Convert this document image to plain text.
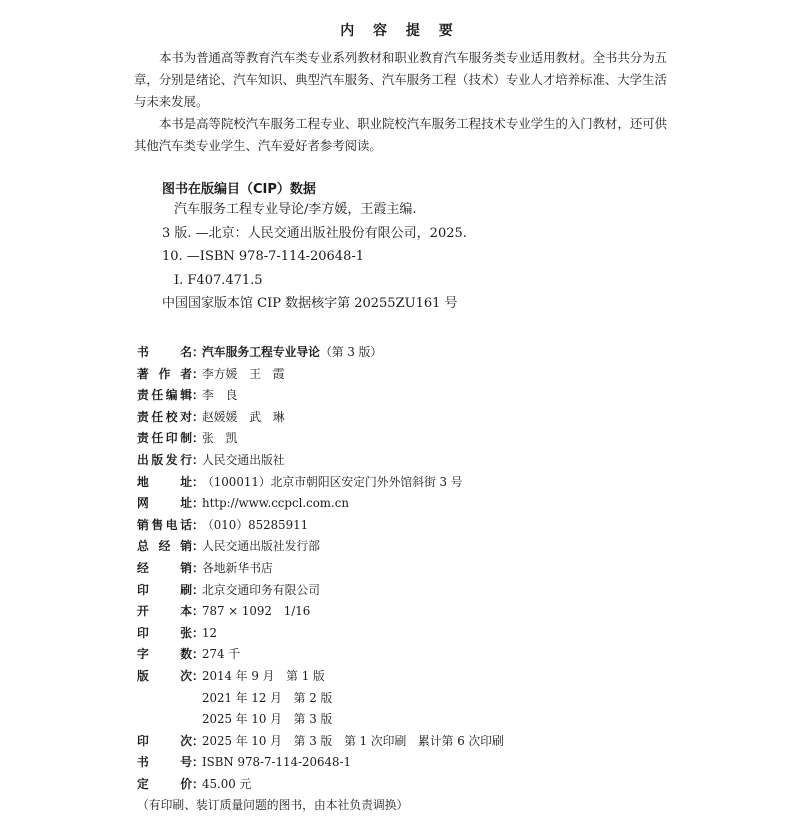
内 容 提 要

本书为普通高等教育汽车类专业系列教材和职业教育汽车服务类专业适用教材。全书共分为五章，分别是绪论、汽车知识、典型汽车服务、汽车服务工程（技术）专业人才培养标准、大学生活与未来发展。

本书是高等院校汽车服务工程专业、职业院校汽车服务工程技术专业学生的入门教材，还可供其他汽车类专业学生、汽车爱好者参考阅读。

图书在版编目（CIP）数据
汽车服务工程专业导论/李方媛，王霞主编.
3 版. —北京：人民交通出版社股份有限公司，2025.
10. —ISBN 978-7-114-20648-1
Ⅰ. F407.471.5
中国国家版本馆 CIP 数据核字第 20255ZU161 号
书名 ：
汽车服务工程专业导论（第 3 版）
著作者 ：
李方媛　王　霞
责任编辑 ：
李　良
责任校对 ：
赵媛媛　武　琳
责任印制 ：
张　凯
出版发行 ：
人民交通出版社
地址 ：
（100011）北京市朝阳区安定门外外馆斜街 3 号
网址 ：
http://www.ccpcl.com.cn
销售电话 ：
（010）85285911
总经销 ：
人民交通出版社发行部
经销 ：
各地新华书店
印刷 ：
北京交通印务有限公司
开本 ：
787 × 1092　1/16
印张 ：
12
字数 ：
274 千
版次 ：
2014 年 9 月　第 1 版
2021 年 12 月　第 2 版
2025 年 10 月　第 3 版
印次 ：
2025 年 10 月　第 3 版　第 1 次印刷　累计第 6 次印刷
书号 ：
ISBN 978-7-114-20648-1
定价 ：
45.00 元
（有印刷、装订质量问题的图书，由本社负责调换）
